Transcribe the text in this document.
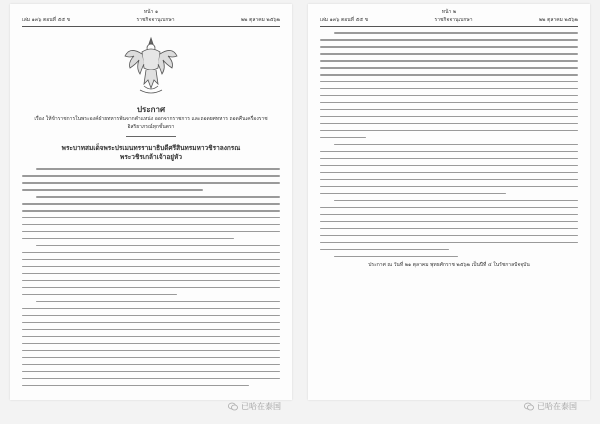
หน้า ๑
เล่ม ๑๓๖ ตอนที่ ๕๕ ข	ราชกิจจานุเบกษา	๒๒ ตุลาคม ๒๕๖๒
ประกาศ
เรื่อง ให้ข้าราชการในพระองค์ฝ่ายทหารพ้นจากตำแหน่ง ออกจากราชการ และถอดยศทหาร ถอดคืนเครื่องราชอิสริยาภรณ์ทุกชั้นตรา
พระบาทสมเด็จพระปรเมนทรรามาธิบดีศรีสินทรมหาวชิราลงกรณ
พระวชิรเกล้าเจ้าอยู่หัว
หน้า ๒
เล่ม ๑๓๖ ตอนที่ ๕๕ ข	ราชกิจจานุเบกษา	๒๒ ตุลาคม ๒๕๖๒
ประกาศ ณ วันที่ ๒๑ ตุลาคม พุทธศักราช ๒๕๖๒ เป็นปีที่ ๔ ในรัชกาลปัจจุบัน
已哈在泰国	已哈在泰国
